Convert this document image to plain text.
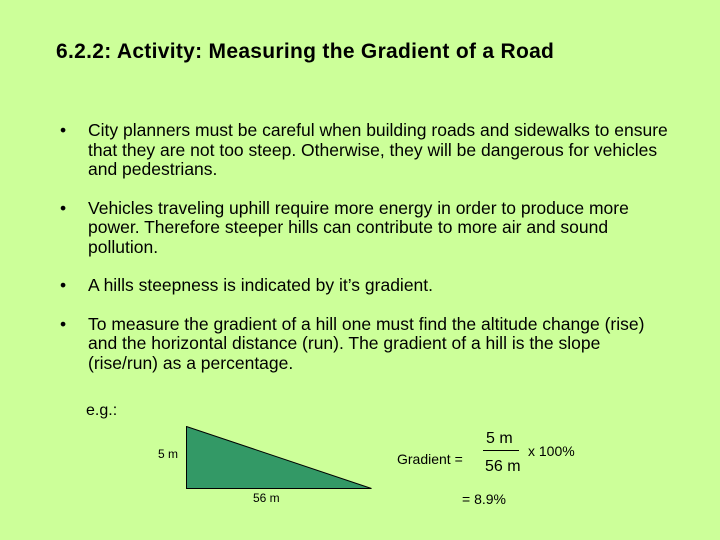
6.2.2: Activity: Measuring the Gradient of a Road
• City planners must be careful when building roads and sidewalks to ensure that they are not too steep. Otherwise, they will be dangerous for vehicles and pedestrians.
• Vehicles traveling uphill require more energy in order to produce more power. Therefore steeper hills can contribute to more air and sound pollution.
• A hills steepness is indicated by it’s gradient.
• To measure the gradient of a hill one must find the altitude change (rise) and the horizontal distance (run). The gradient of a hill is the slope (rise/run) as a percentage.
e.g.:
5 m
56 m
Gradient =
5 m
56 m
x 100%
= 8.9%
